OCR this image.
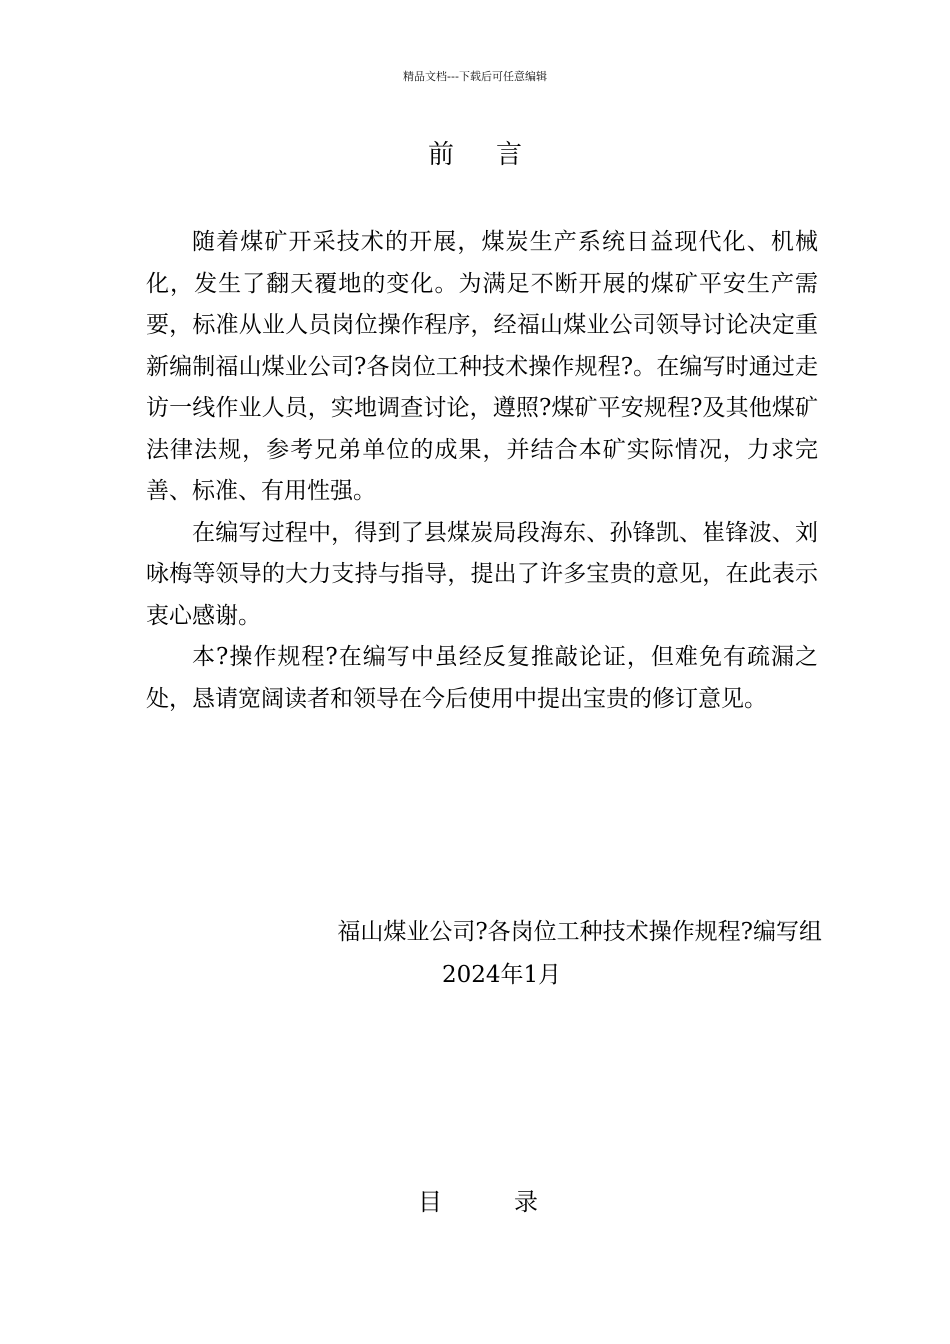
精品文档---下载后可任意编辑
前言

随着煤矿开采技术的开展，煤炭生产系统日益现代化、机械化，发生了翻天覆地的变化。为满足不断开展的煤矿平安生产需要，标准从业人员岗位操作程序，经福山煤业公司领导讨论决定重新编制福山煤业公司?各岗位工种技术操作规程?。在编写时通过走访一线作业人员，实地调查讨论，遵照?煤矿平安规程?及其他煤矿法律法规，参考兄弟单位的成果，并结合本矿实际情况，力求完善、标准、有用性强。

在编写过程中，得到了县煤炭局段海东、孙锋凯、崔锋波、刘咏梅等领导的大力支持与指导，提出了许多宝贵的意见，在此表示衷心感谢。

本?操作规程?在编写中虽经反复推敲论证，但难免有疏漏之处，恳请宽阔读者和领导在今后使用中提出宝贵的修订意见。

福山煤业公司?各岗位工种技术操作规程?编写组
2024年1月
目录
